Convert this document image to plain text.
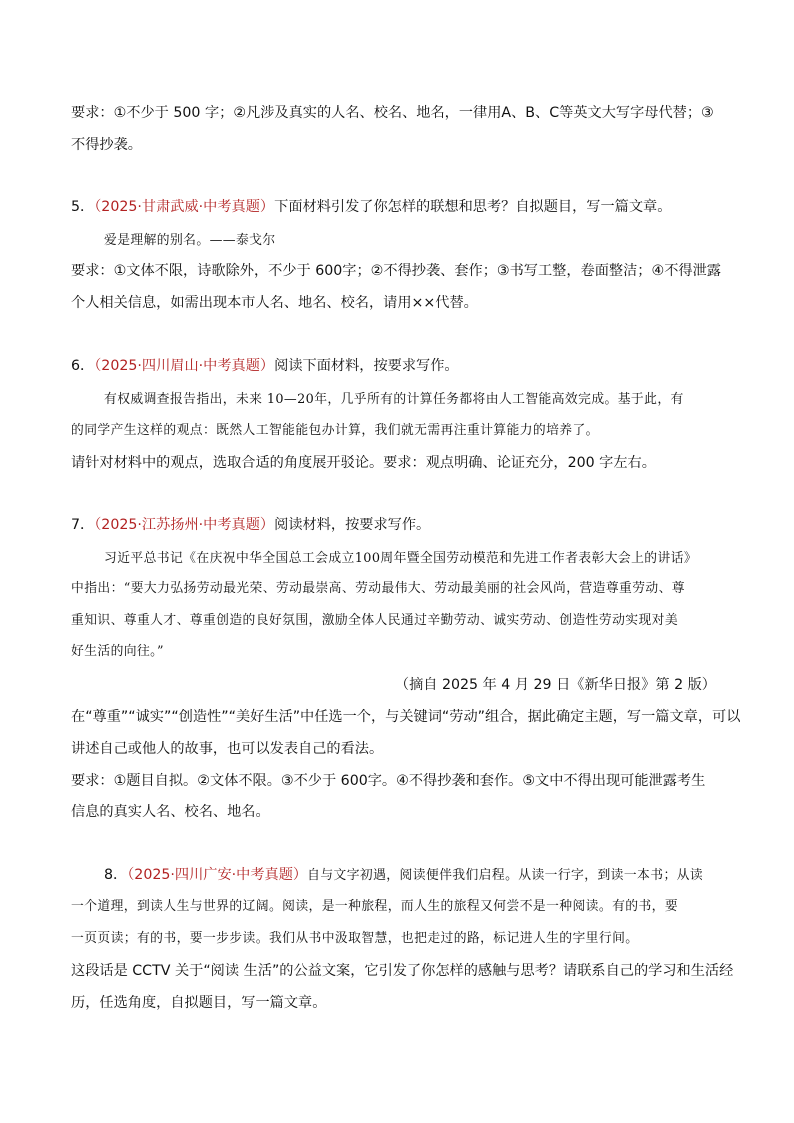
要求：①不少于 500 字；②凡涉及真实的人名、校名、地名，一律用A、B、C等英文大写字母代替；③
不得抄袭。
5．（2025·甘肃武威·中考真题）下面材料引发了你怎样的联想和思考？自拟题目，写一篇文章。
爱是理解的别名。——泰戈尔
要求：①文体不限，诗歌除外，不少于 600字；②不得抄袭、套作；③书写工整，卷面整洁；④不得泄露
个人相关信息，如需出现本市人名、地名、校名，请用××代替。
6．（2025·四川眉山·中考真题）阅读下面材料，按要求写作。
有权威调查报告指出，未来 10—20年，几乎所有的计算任务都将由人工智能高效完成。基于此，有
的同学产生这样的观点：既然人工智能能包办计算，我们就无需再注重计算能力的培养了。
请针对材料中的观点，选取合适的角度展开驳论。要求：观点明确、论证充分，200 字左右。
7．（2025·江苏扬州·中考真题）阅读材料，按要求写作。
习近平总书记《在庆祝中华全国总工会成立100周年暨全国劳动模范和先进工作者表彰大会上的讲话》
中指出：“要大力弘扬劳动最光荣、劳动最崇高、劳动最伟大、劳动最美丽的社会风尚，营造尊重劳动、尊
重知识、尊重人才、尊重创造的良好氛围，激励全体人民通过辛勤劳动、诚实劳动、创造性劳动实现对美
好生活的向往。”
（摘自 2025 年 4 月 29 日《新华日报》第 2 版）
在“尊重”“诚实”“创造性”“美好生活”中任选一个，与关键词“劳动”组合，据此确定主题，写一篇文章，可以
讲述自己或他人的故事，也可以发表自己的看法。
要求：①题目自拟。②文体不限。③不少于 600字。④不得抄袭和套作。⑤文中不得出现可能泄露考生
信息的真实人名、校名、地名。
8．（2025·四川广安·中考真题）自与文字初遇，阅读便伴我们启程。从读一行字，到读一本书；从读
一个道理，到读人生与世界的辽阔。阅读，是一种旅程，而人生的旅程又何尝不是一种阅读。有的书，要
一页页读；有的书，要一步步读。我们从书中汲取智慧，也把走过的路，标记进人生的字里行间。
这段话是 CCTV 关于“阅读 生活”的公益文案，它引发了你怎样的感触与思考？请联系自己的学习和生活经
历，任选角度，自拟题目，写一篇文章。
